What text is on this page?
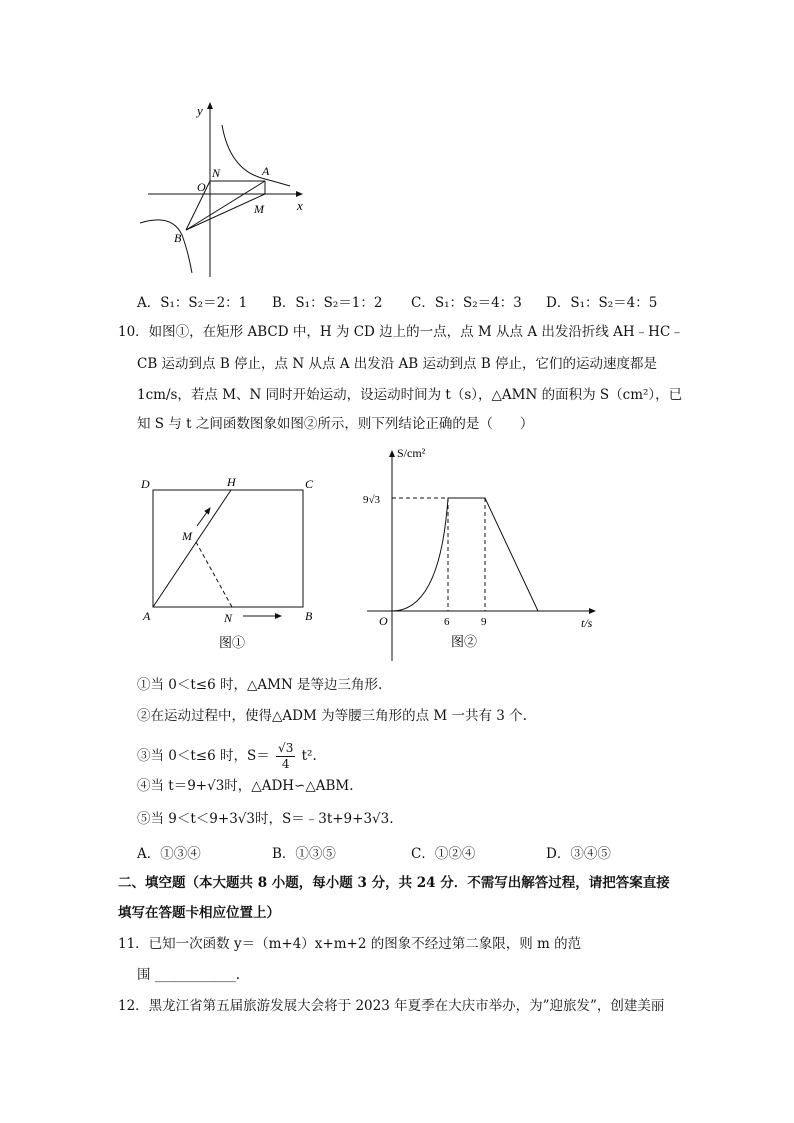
y
x
N
O
A
M
B
A．S₁：S₂＝2：1 B．S₁：S₂＝1：2 C．S₁：S₂＝4：3 D．S₁：S₂＝4：5
10．如图①，在矩形 ABCD 中，H 为 CD 边上的一点，点 M 从点 A 出发沿折线 AH﹣HC﹣
CB 运动到点 B 停止，点 N 从点 A 出发沿 AB 运动到点 B 停止，它们的运动速度都是
1cm/s，若点 M、N 同时开始运动，设运动时间为 t（s），△AMN 的面积为 S（cm²），已
知 S 与 t 之间函数图象如图②所示，则下列结论正确的是（　　）
D	H	C
M
A	N	B
图①
S/cm²
9√3
O	6	9	t/s
图②
①当 0＜t≤6 时，△AMN 是等边三角形.
②在运动过程中，使得△ADM 为等腰三角形的点 M 一共有 3 个.
③当 0＜t≤6 时，$S= \frac{√3}{4} t^2$.
④当 t＝9+√3时，△ADH∽△ABM.
⑤当 9＜t＜9+3√3时，S＝﹣3t+9+3√3.
A．①③④	B．①③⑤	C．①②④	D．③④⑤
二、填空题（本大题共 8 小题，每小题 3 分，共 24 分．不需写出解答过程，请把答案直接
填写在答题卡相应位置上）
11．已知一次函数 y＝（m+4）x+m+2 的图象不经过第二象限，则 m 的范
围 ____________.
12．黑龙江省第五届旅游发展大会将于 2023 年夏季在大庆市举办，为”迎旅发”，创建美丽
